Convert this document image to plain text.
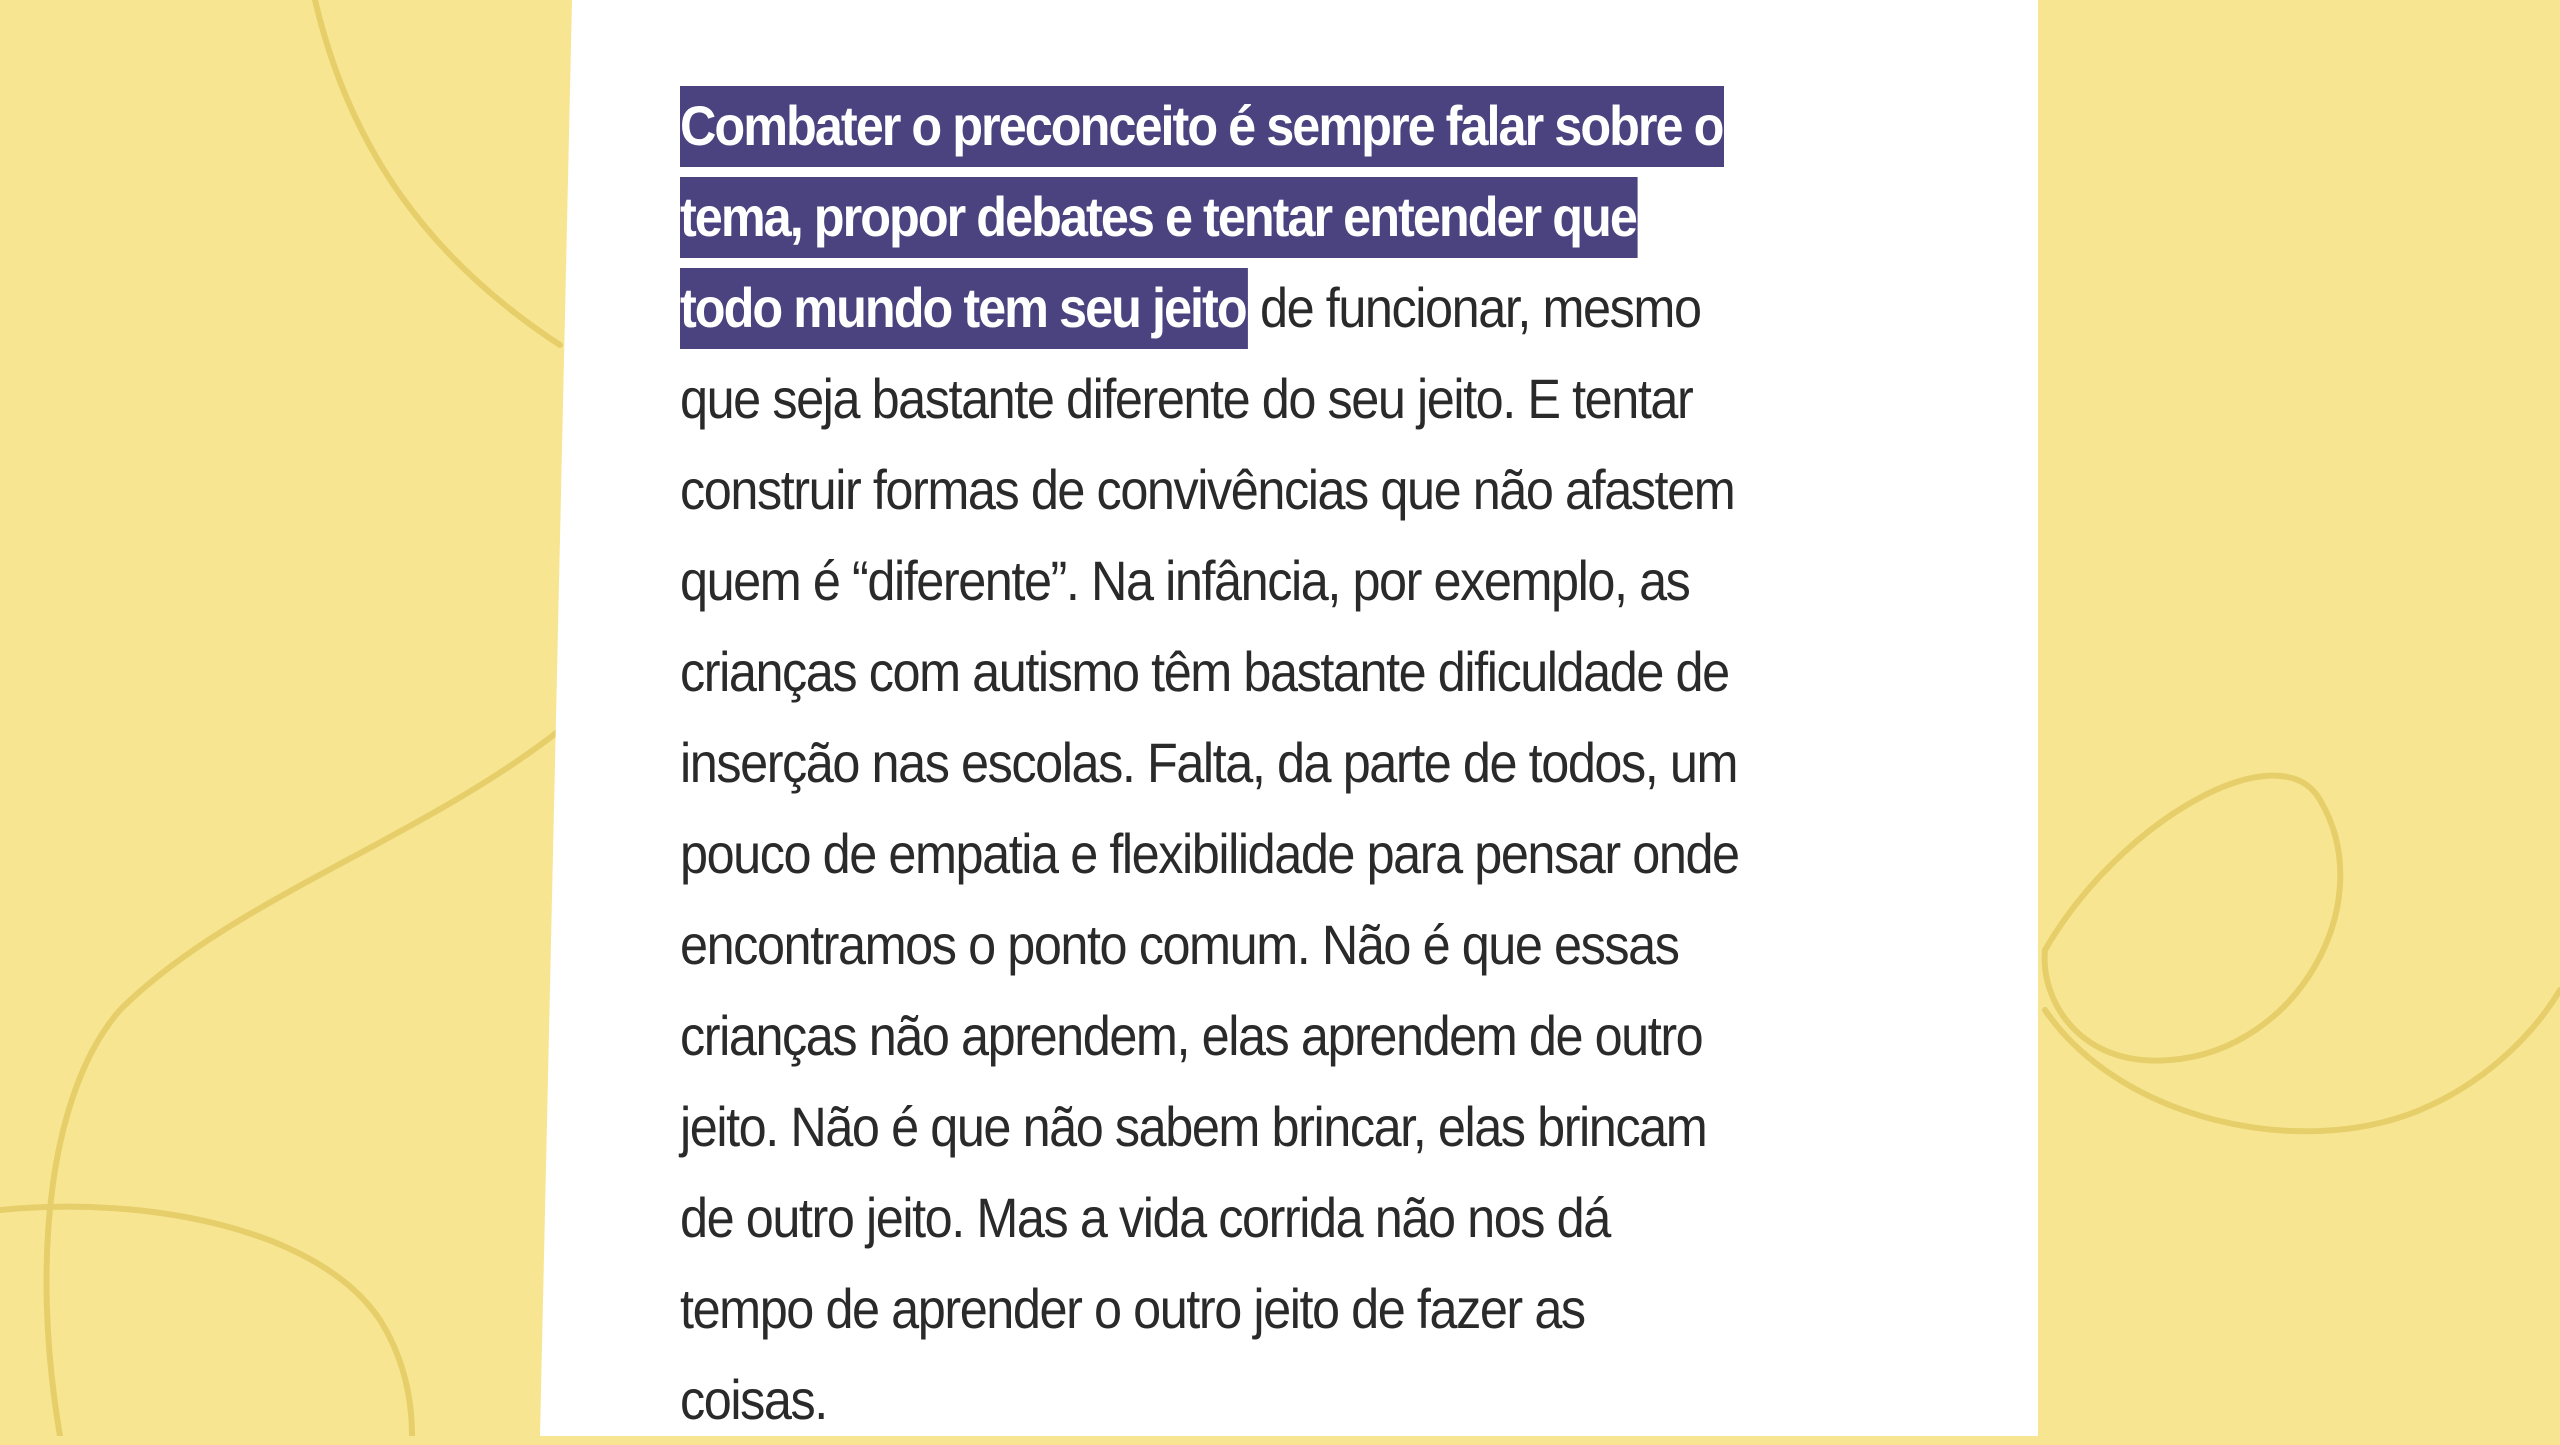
Combater o preconceito é sempre falar sobre o tema, propor debates e tentar entender que todo mundo tem seu jeito de funcionar, mesmo que seja bastante diferente do seu jeito. E tentar construir formas de convivências que não afastem quem é “diferente”. Na infância, por exemplo, as crianças com autismo têm bastante dificuldade de inserção nas escolas. Falta, da parte de todos, um pouco de empatia e flexibilidade para pensar onde encontramos o ponto comum. Não é que essas crianças não aprendem, elas aprendem de outro jeito. Não é que não sabem brincar, elas brincam de outro jeito. Mas a vida corrida não nos dá tempo de aprender o outro jeito de fazer as coisas.
